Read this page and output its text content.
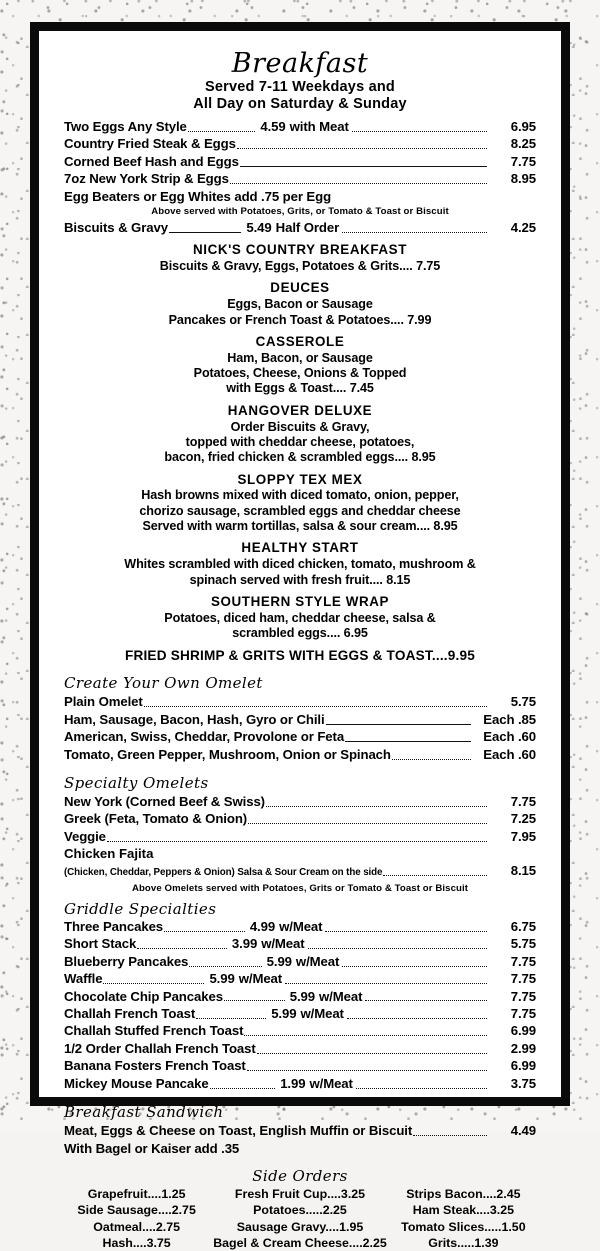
Breakfast
Served 7-11 Weekdays and
All Day on Saturday & Sunday
Two Eggs Any Style	4.59 with Meat	6.95
Country Fried Steak & Eggs	8.25
Corned Beef Hash and Eggs	7.75
7oz New York Strip & Eggs	8.95
Egg Beaters or Egg Whites add .75 per Egg
Above served with Potatoes, Grits, or Tomato & Toast or Biscuit
Biscuits & Gravy	5.49 Half Order	4.25
NICK'S COUNTRY BREAKFAST
Biscuits & Gravy, Eggs, Potatoes & Grits.... 7.75
DEUCES
Eggs, Bacon or Sausage
Pancakes or French Toast & Potatoes.... 7.99
CASSEROLE
Ham, Bacon, or Sausage
Potatoes, Cheese, Onions & Topped
with Eggs & Toast.... 7.45
HANGOVER DELUXE
Order Biscuits & Gravy,
topped with cheddar cheese, potatoes,
bacon, fried chicken & scrambled eggs.... 8.95
SLOPPY TEX MEX
Hash browns mixed with diced tomato, onion, pepper,
chorizo sausage, scrambled eggs and cheddar cheese
Served with warm tortillas, salsa & sour cream.... 8.95
HEALTHY START
Whites scrambled with diced chicken, tomato, mushroom &
spinach served with fresh fruit.... 8.15
SOUTHERN STYLE WRAP
Potatoes, diced ham, cheddar cheese, salsa &
scrambled eggs.... 6.95
FRIED SHRIMP & GRITS WITH EGGS & TOAST....9.95
Create Your Own Omelet
Plain Omelet	5.75
Ham, Sausage, Bacon, Hash, Gyro or Chili	Each .85
American, Swiss, Cheddar, Provolone or Feta	Each .60
Tomato, Green Pepper, Mushroom, Onion or Spinach	Each .60
Specialty Omelets
New York (Corned Beef & Swiss)	7.75
Greek (Feta, Tomato & Onion)	7.25
Veggie	7.95
Chicken Fajita
(Chicken, Cheddar, Peppers & Onion) Salsa & Sour Cream on the side	8.15
Above Omelets served with Potatoes, Grits or Tomato & Toast or Biscuit
Griddle Specialties
Three Pancakes	4.99 w/Meat	6.75
Short Stack	3.99 w/Meat	5.75
Blueberry Pancakes	5.99 w/Meat	7.75
Waffle	5.99 w/Meat	7.75
Chocolate Chip Pancakes	5.99 w/Meat	7.75
Challah French Toast	5.99 w/Meat	7.75
Challah Stuffed French Toast	6.99
1/2 Order Challah French Toast	2.99
Banana Fosters French Toast	6.99
Mickey Mouse Pancake	1.99 w/Meat	3.75
Breakfast Sandwich
Meat, Eggs & Cheese on Toast, English Muffin or Biscuit	4.49
With Bagel or Kaiser add .35
Side Orders
Grapefruit....1.25	Fresh Fruit Cup....3.25	Strips Bacon....2.45
Side Sausage....2.75	Potatoes.....2.25	Ham Steak....3.25
Oatmeal....2.75	Sausage Gravy....1.95	Tomato Slices.....1.50
Hash....3.75	Bagel & Cream Cheese....2.25	Grits.....1.39
